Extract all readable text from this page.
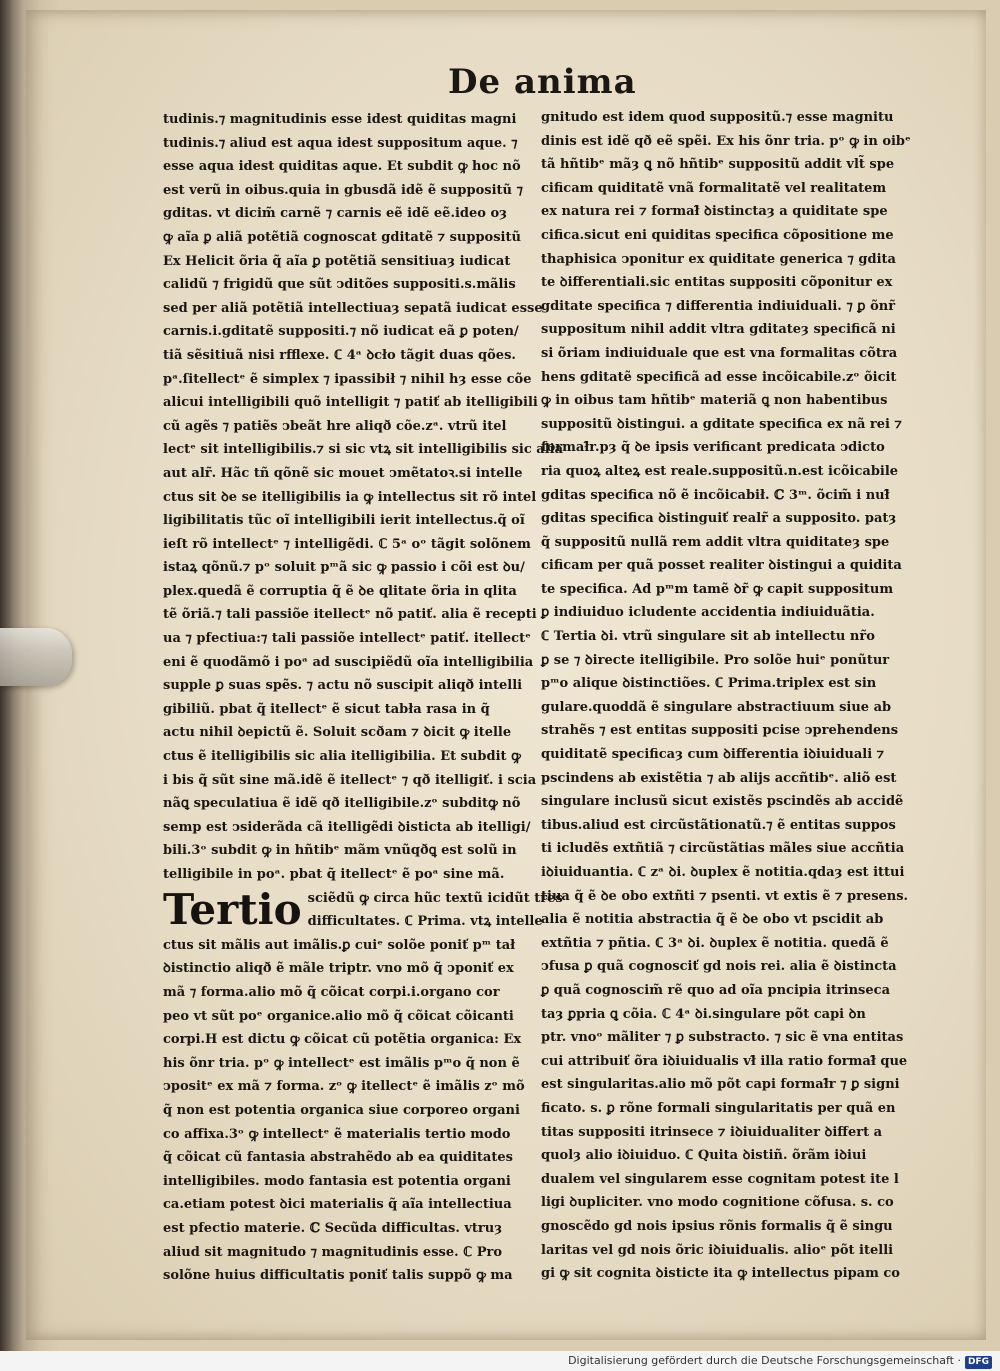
De anima
tudinis.⁊ magnitudinis esse idest quiditas magni
tudinis.⁊ aliud est aqua idest suppositum aque. ⁊
esse aqua idest quiditas aque. Et subdit ꝙ hoc nõ
est verũ in oibus.quia in gbusdã idẽ ẽ suppositũ ⁊
gditas. vt dicim̃ carnẽ ⁊ carnis eẽ idẽ eẽ.ideo oȝ
ꝙ aĩa ꝑ aliã potẽtiã cognoscat gditatẽ ⁊ suppositũ
Ex Helicit õria q̃ aĩa ꝑ potẽtiã sensitiuaȝ iudicat
calidũ ⁊ frigidũ que sũt ↄditões suppositi.s.mãlis
sed per aliã potẽtiã intellectiuaȝ sepatã iudicat esse
carnis.i.gditatẽ suppositi.⁊ nõ iudicat eã ꝑ poten/
tiã sẽsitiuã nisi rfflexe. ℂ 4ᵃ ꝺcło tãgit duas qões.
pᵃ.ſitellectᵉ ẽ simplex ⁊ ipassibił ⁊ nihil hȝ esse cõe
alicui intelligibili quõ intelligit ⁊ patiť ab itelligibili
cũ agẽs ⁊ patiẽs ↄbeãt hre aliqð cõe.zᵃ. vtrũ itel
lectᵉ sit intelligibilis.⁊ si sic vtꝝ sit intelligibilis sic alia
aut alr̃. Hãc tñ qõnẽ sic mouet ↄmẽtatoꝛ.si intelle
ctus sit ꝺe se itelligibilis ia ꝙ intellectus sit rõ intel
ligibilitatis tũc oĩ intelligibili ierit intellectus.q̃ oĩ
ieſt rõ intellectᵉ ⁊ intelligẽdi. ℂ 5ᵃ oᵒ tãgit solõnem
istaꝝ qõnũ.⁊ pᵒ soluit pᵐã sic ꝙ passio i cõi est ꝺu/
plex.quedã ẽ corruptia q̃ ẽ ꝺe qlitate õria in qlita
tẽ õriã.⁊ tali passiõe itellectᵉ nõ patiť. alia ẽ recepti
ua ⁊ pfectiua:⁊ tali passiõe intellectᵉ patiť. itellectᵉ
eni ẽ quodãmõ i poᵃ ad suscipiẽdũ oĩa intelligibilia
supple ꝑ suas spẽs. ⁊ actu nõ suscipit aliqð intelli
gibiliũ. pbat q̃ itellectᵉ ẽ sicut tabła rasa in q̃
actu nihil ꝺepictũ ẽ. Soluit scðam ⁊ ꝺicit ꝙ itelle
ctus ẽ itelligibilis sic alia itelligibilia. Et subdit ꝙ
i bis q̃ sũt sine mã.idẽ ẽ itellectᵉ ⁊ qð itelligiť. i scia
nãꝗ speculatiua ẽ idẽ qð itelligibile.zᵒ subditꝙ nõ
semp est ↄsiderãda cã itelligẽdi ꝺisticta ab itelligi/
bili.3ᵒ subdit ꝙ in hñtibᵉ mãm vnũqðꝗ est solũ in
telligibile in poᵃ. pbat q̃ itellectᵉ ẽ poᵃ sine mã.
Tertio sciẽdũ ꝙ circa hũc textũ icidũt tres
difficultates. ℂ Prima. vtꝝ intelle
ctus sit mãlis aut imãlis.ꝑ cuiᵉ solõe poniť pᵐ tał
ꝺistinctio aliqð ẽ mãle triptr. vno mõ q̃ ↄponiť ex
mã ⁊ forma.alio mõ q̃ cõicat corpi.i.organo cor
peo vt sũt poᵉ organice.alio mõ q̃ cõicat cõicanti
corpi.H est dictu ꝙ cõicat cũ potẽtia organica: Ex
his õnr tria. pᵒ ꝙ intellectᵉ est imãlis pᵐo q̃ non ẽ
ↄpositᵉ ex mã ⁊ forma. zᵒ ꝙ itellectᵉ ẽ imãlis zᵒ mõ
q̃ non est potentia organica siue corporeo organi
co affixa.3ᵒ ꝙ intellectᵉ ẽ materialis tertio modo
q̃ cõicat cũ fantasia abstrahẽdo ab ea quiditates
intelligibiles. modo fantasia est potentia organi
ca.etiam potest ꝺici materialis q̃ aĩa intellectiua
est pfectio materie. ℂ Secũda difficultas. vtruȝ
aliud sit magnitudo ⁊ magnitudinis esse. ℂ Pro
solõne huius difficultatis poniť talis suppõ ꝙ ma
gnitudo est idem quod suppositũ.⁊ esse magnitu
dinis est idẽ qð eẽ spẽi. Ex his õnr tria. pᵒ ꝙ in oibᵉ
tã hñtibᵉ mãȝ ꝗ nõ hñtibᵉ suppositũ addit vlt̃ spe
cificam quiditatẽ vnã formalitatẽ vel realitatem
ex natura rei ⁊ formał̃ ꝺistinctaȝ a quiditate spe
cifica.sicut eni quiditas specifica cõpositione me
thaphisica ↄponitur ex quiditate generica ⁊ gdita
te ꝺifferentiali.sic entitas suppositi cõponitur ex
gditate specifica ⁊ differentia indiuiduali. ⁊ ꝑ õnr̃
suppositum nihil addit vltra gditateȝ specificã ni
si õriam indiuiduale que est vna formalitas cõtra
hens gditatẽ specificã ad esse incõicabile.zᵒ õicit
ꝙ in oibus tam hñtibᵉ materiã ꝗ non habentibus
suppositũ ꝺistingui. a gditate specifica ex nã rei ⁊
formał̃r.pȝ q̃ ꝺe ipsis verificant predicata ↄdicto
ria quoꝝ alteꝝ est reale.suppositũ.n.est icõicabile
gditas specifica nõ ẽ incõicabił. ℂ 3ᵐ. õcim̃ i nuł̃
gditas specifica ꝺistinguiť realr̃ a supposito. patȝ
q̃ suppositũ nullã rem addit vltra quiditateȝ spe
cificam per quã posset realiter ꝺistingui a quidita
te specifica. Ad pᵐm tamẽ ꝺr̃ ꝙ capit suppositum
ꝑ indiuiduo icludente accidentia indiuiduãtia.
ℂ Tertia ꝺi. vtrũ singulare sit ab intellectu nr̃o
ꝑ se ⁊ ꝺirecte itelligibile. Pro solõe huiᵉ ponũtur
pᵐo alique ꝺistinctiões. ℂ Prima.triplex est sin
gulare.quoddã ẽ singulare abstractiuum siue ab
strahẽs ⁊ est entitas suppositi pcise ↄprehendens
quiditatẽ specificaȝ cum ꝺifferentia iꝺiuiduali ⁊
pscindens ab existẽtia ⁊ ab alijs accñtibᵉ. aliõ est
singulare inclusũ sicut existẽs pscindẽs ab accidẽ
tibus.aliud est circũstãtionatũ.⁊ ẽ entitas suppos
ti icludẽs extñtiã ⁊ circũstãtias mãles siue accñtia
iꝺiuiduantia. ℂ zᵃ ꝺi. ꝺuplex ẽ notitia.qdaȝ est ittui
tiua q̃ ẽ ꝺe obo extñti ⁊ psenti. vt extis ẽ ⁊ presens.
alia ẽ notitia abstractia q̃ ẽ ꝺe obo vt pscidit ab
extñtia ⁊ pñtia. ℂ 3ᵃ ꝺi. ꝺuplex ẽ notitia. quedã ẽ
ↄfusa ꝑ quã cognosciť gd nois rei. alia ẽ ꝺistincta
ꝑ quã cognoscim̃ rẽ quo ad oĩa pncipia itrinseca
taȝ ꝑpria ꝗ cõia. ℂ 4ᵃ ꝺi.singulare põt capi ꝺn
ptr. vnoᵒ mãliter ⁊ ꝑ substracto. ⁊ sic ẽ vna entitas
cui attribuiť õra iꝺiuidualis vł̃ illa ratio formał̃ que
est singularitas.alio mõ põt capi formał̃r ⁊ ꝑ signi
ficato. s. ꝑ rõne formali singularitatis per quã en
titas suppositi itrinsece ⁊ iꝺiuidualiter ꝺiffert a
quolȝ alio iꝺiuiduo. ℂ Quita ꝺistiñ. õrãm iꝺiui
dualem vel singularem esse cognitam potest ite l
ligi ꝺupliciter. vno modo cognitione cõfusa. s. co
gnoscẽdo gd nois ipsius rõnis formalis q̃ ẽ singu
laritas vel gd nois õric iꝺiuidualis. alioᵉ põt itelli
gi ꝙ sit cognita ꝺisticte ita ꝙ intellectus pipam co
Digitalisierung gefördert durch die Deutsche Forschungsgemeinschaft · DFG
